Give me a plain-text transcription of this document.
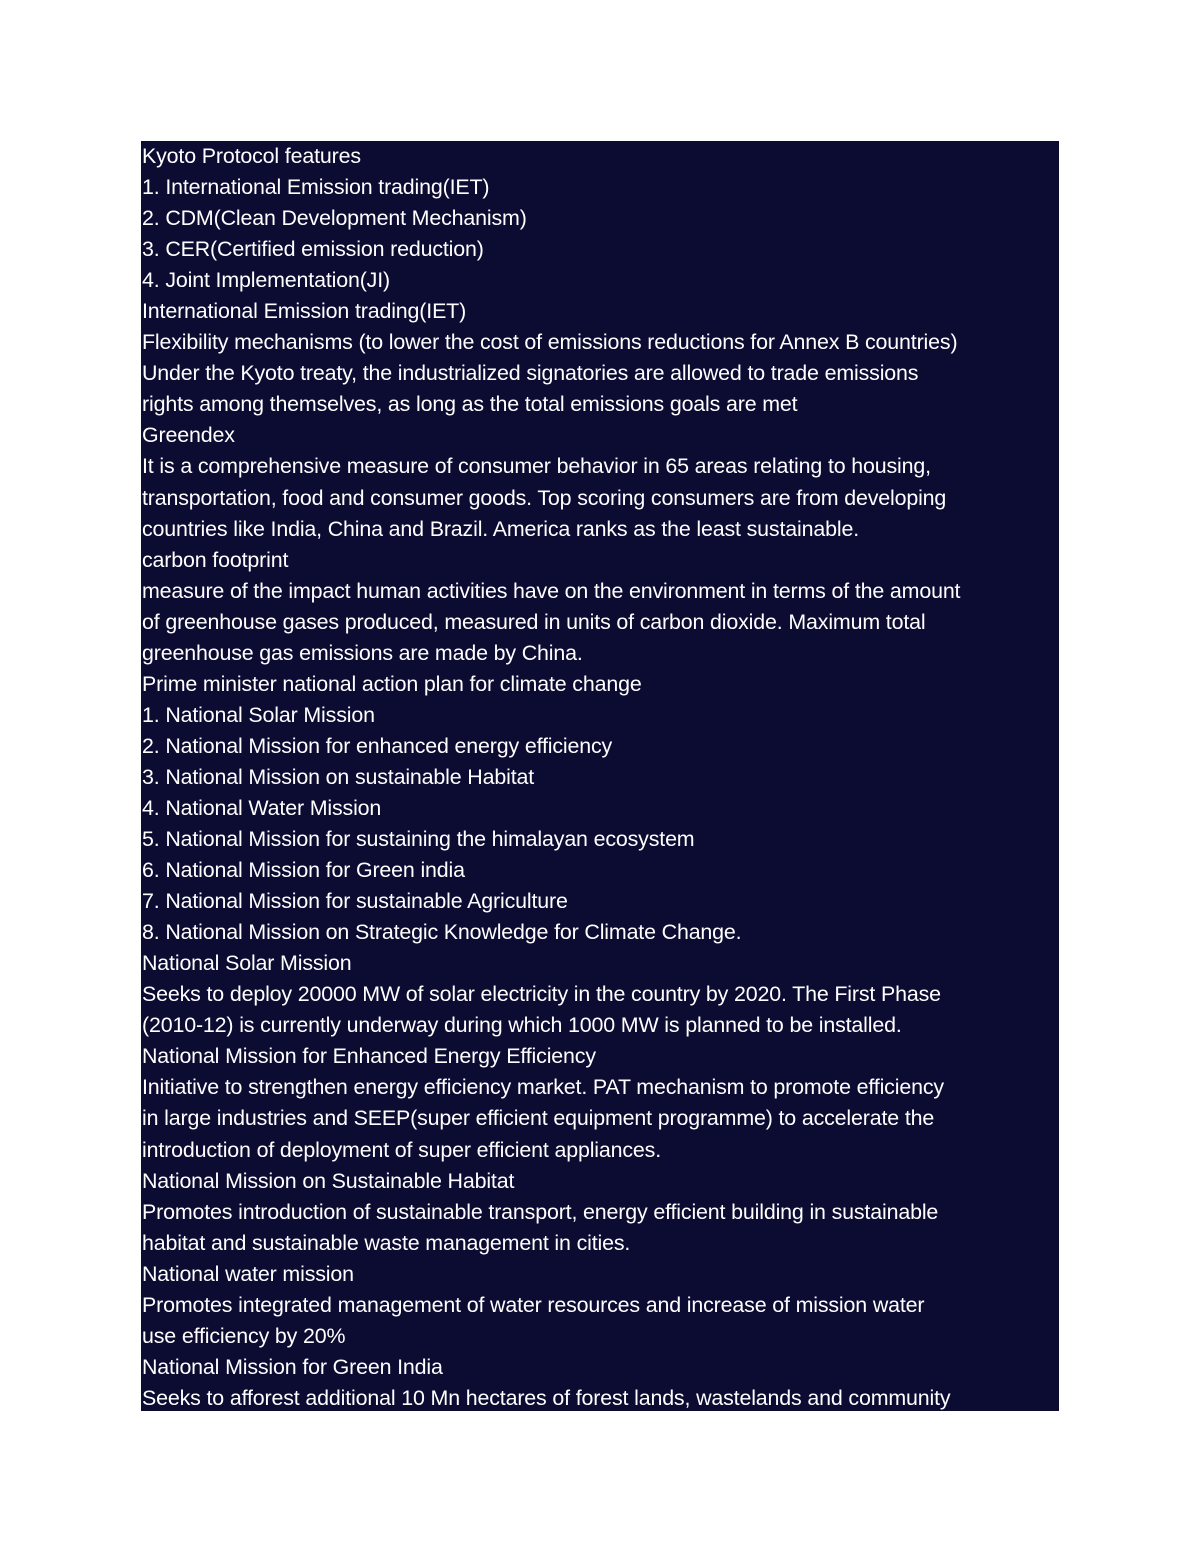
Kyoto Protocol features
1. International Emission trading(IET)
2. CDM(Clean Development Mechanism)
3. CER(Certified emission reduction)
4. Joint Implementation(JI)
International Emission trading(IET)
Flexibility mechanisms (to lower the cost of emissions reductions for Annex B countries)
Under the Kyoto treaty, the industrialized signatories are allowed to trade emissions
rights among themselves, as long as the total emissions goals are met
Greendex
It is a comprehensive measure of consumer behavior in 65 areas relating to housing,
transportation, food and consumer goods. Top scoring consumers are from developing
countries like India, China and Brazil. America ranks as the least sustainable.
carbon footprint
measure of the impact human activities have on the environment in terms of the amount
of greenhouse gases produced, measured in units of carbon dioxide. Maximum total
greenhouse gas emissions are made by China.
Prime minister national action plan for climate change
1. National Solar Mission
2. National Mission for enhanced energy efficiency
3. National Mission on sustainable Habitat
4. National Water Mission
5. National Mission for sustaining the himalayan ecosystem
6. National Mission for Green india
7. National Mission for sustainable Agriculture
8. National Mission on Strategic Knowledge for Climate Change.
National Solar Mission
Seeks to deploy 20000 MW of solar electricity in the country by 2020. The First Phase
(2010-12) is currently underway during which 1000 MW is planned to be installed.
National Mission for Enhanced Energy Efficiency
Initiative to strengthen energy efficiency market. PAT mechanism to promote efficiency
in large industries and SEEP(super efficient equipment programme) to accelerate the
introduction of deployment of super efficient appliances.
National Mission on Sustainable Habitat
Promotes introduction of sustainable transport, energy efficient building in sustainable
habitat and sustainable waste management in cities.
National water mission
Promotes integrated management of water resources and increase of mission water
use efficiency by 20%
National Mission for Green India
Seeks to afforest additional 10 Mn hectares of forest lands, wastelands and community
